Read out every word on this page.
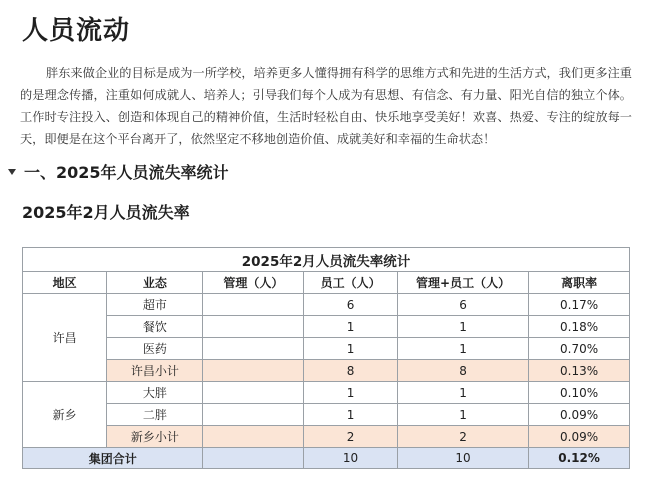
人员流动

胖东来做企业的目标是成为一所学校，培养更多人懂得拥有科学的思维方式和先进的生活方式，我们更多注重的是理念传播，注重如何成就人、培养人；引导我们每个人成为有思想、有信念、有力量、阳光自信的独立个体。工作时专注投入、创造和体现自己的精神价值，生活时轻松自由、快乐地享受美好！欢喜、热爱、专注的绽放每一天，即便是在这个平台离开了，依然坚定不移地创造价值、成就美好和幸福的生命状态！

一、2025年人员流失率统计
2025年2月人员流失率
2025年2月人员流失率统计					
地区	业态	管理（人）	员工（人）	管理+员工（人）	离职率
许昌	超市		6	6	0.17%
	餐饮		1	1	0.18%
	医药		1	1	0.70%
	许昌小计		8	8	0.13%
新乡	大胖		1	1	0.10%
	二胖		1	1	0.09%
	新乡小计		2	2	0.09%
集团合计			10	10	0.12%
